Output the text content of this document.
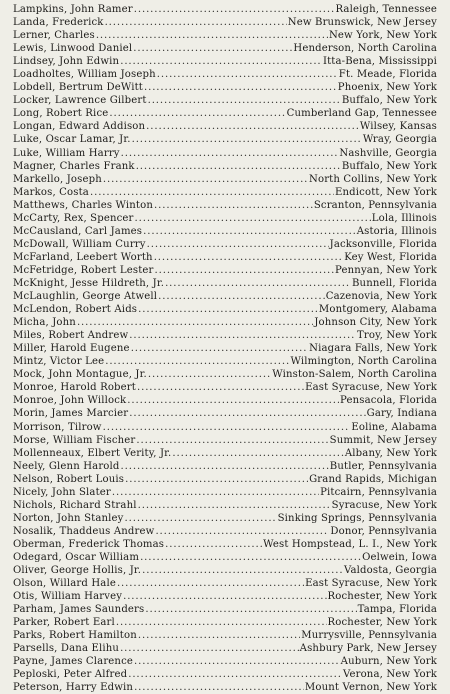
Lampkins, John Ramer .....	Raleigh, Tennessee
Landa, Frederick .....	New Brunswick, New Jersey
Lerner, Charles .....	New York, New York
Lewis, Linwood Daniel .....	Henderson, North Carolina
Lindsey, John Edwin .....	Itta-Bena, Mississippi
Loadholtes, William Joseph .....	Ft. Meade, Florida
Lobdell, Bertrum DeWitt .....	Phoenix, New York
Locker, Lawrence Gilbert .....	Buffalo, New York
Long, Robert Rice .....	Cumberland Gap, Tennessee
Longan, Edward Addison .....	Wilsey, Kansas
Luke, Oscar Lamar, Jr. .....	Wray, Georgia
Luke, William Harry .....	Nashville, Georgia
Magner, Charles Frank .....	Buffalo, New York
Markello, Joseph .....	North Collins, New York
Markos, Costa .....	Endicott, New York
Matthews, Charles Winton .....	Scranton, Pennsylvania
McCarty, Rex, Spencer .....	Lola, Illinois
McCausland, Carl James .....	Astoria, Illinois
McDowall, William Curry .....	Jacksonville, Florida
McFarland, Leebert Worth .....	Key West, Florida
McFetridge, Robert Lester .....	Pennyan, New York
McKnight, Jesse Hildreth, Jr. .....	Bunnell, Florida
McLaughlin, George Atwell .....	Cazenovia, New York
McLendon, Robert Aids .....	Montgomery, Alabama
Micha, John .....	Johnson City, New York
Miles, Robert Andrew .....	Troy, New York
Miller, Harold Eugene .....	Niagara Falls, New York
Mintz, Victor Lee .....	Wilmington, North Carolina
Mock, John Montague, Jr. .....	Winston-Salem, North Carolina
Monroe, Harold Robert .....	East Syracuse, New York
Monroe, John Willock .....	Pensacola, Florida
Morin, James Marcier .....	Gary, Indiana
Morrison, Tilrow .....	Eoline, Alabama
Morse, William Fischer .....	Summit, New Jersey
Mollenneaux, Elbert Verity, Jr. .....	Albany, New York
Neely, Glenn Harold .....	Butler, Pennsylvania
Nelson, Robert Louis .....	Grand Rapids, Michigan
Nicely, John Slater .....	Pitcairn, Pennsylvania
Nichols, Richard Strahl .....	Syracuse, New York
Norton, John Stanley .....	Sinking Springs, Pennsylvania
Nosalik, Thaddeus Andrew .....	Donor, Pennsylvania
Oberman, Frederick Thomas .....	West Hompstead, L. I., New York
Odegard, Oscar William .....	Oelwein, Iowa
Oliver, George Hollis, Jr. .....	Valdosta, Georgia
Olson, Willard Hale .....	East Syracuse, New York
Otis, William Harvey .....	Rochester, New York
Parham, James Saunders .....	Tampa, Florida
Parker, Robert Earl .....	Rochester, New York
Parks, Robert Hamilton .....	Murrysville, Pennsylvania
Parsells, Dana Elihu .....	Ashbury Park, New Jersey
Payne, James Clarence .....	Auburn, New York
Peploski, Peter Alfred .....	Verona, New York
Peterson, Harry Edwin .....	Mount Vernon, New York
